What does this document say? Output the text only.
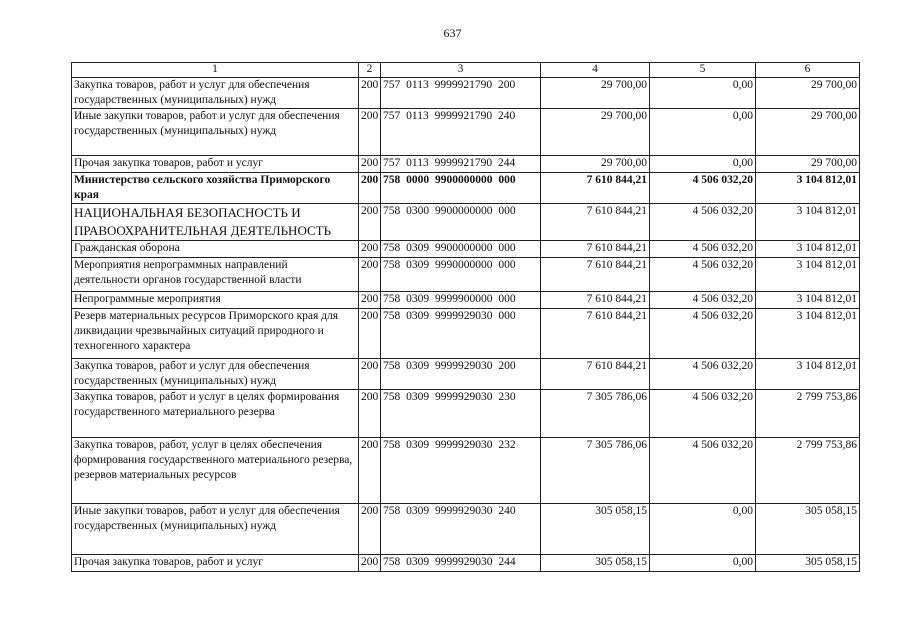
637
1	2	3	4	5	6
Закупка товаров, работ и услуг для обеспечения государственных (муниципальных) нужд	200	757 0113 9999921790 200	29 700,00	0,00	29 700,00
Иные закупки товаров, работ и услуг для обеспечения государственных (муниципальных) нужд	200	757 0113 9999921790 240	29 700,00	0,00	29 700,00
Прочая закупка товаров, работ и услуг	200	757 0113 9999921790 244	29 700,00	0,00	29 700,00
Министерство сельского хозяйства Приморского края	200	758 0000 9900000000 000	7 610 844,21	4 506 032,20	3 104 812,01
НАЦИОНАЛЬНАЯ БЕЗОПАСНОСТЬ И ПРАВООХРАНИТЕЛЬНАЯ ДЕЯТЕЛЬНОСТЬ	200	758 0300 9900000000 000	7 610 844,21	4 506 032,20	3 104 812,01
Гражданская оборона	200	758 0309 9900000000 000	7 610 844,21	4 506 032,20	3 104 812,01
Мероприятия непрограммных направлений деятельности органов государственной власти	200	758 0309 9990000000 000	7 610 844,21	4 506 032,20	3 104 812,01
Непрограммные мероприятия	200	758 0309 9999900000 000	7 610 844,21	4 506 032,20	3 104 812,01
Резерв материальных ресурсов Приморского края для ликвидации чрезвычайных ситуаций природного и техногенного характера	200	758 0309 9999929030 000	7 610 844,21	4 506 032,20	3 104 812,01
Закупка товаров, работ и услуг для обеспечения государственных (муниципальных) нужд	200	758 0309 9999929030 200	7 610 844,21	4 506 032,20	3 104 812,01
Закупка товаров, работ и услуг в целях формирования государственного материального резерва	200	758 0309 9999929030 230	7 305 786,06	4 506 032,20	2 799 753,86
Закупка товаров, работ, услуг в целях обеспечения формирования государственного материального резерва, резервов материальных ресурсов	200	758 0309 9999929030 232	7 305 786,06	4 506 032,20	2 799 753,86
Иные закупки товаров, работ и услуг для обеспечения государственных (муниципальных) нужд	200	758 0309 9999929030 240	305 058,15	0,00	305 058,15
Прочая закупка товаров, работ и услуг	200	758 0309 9999929030 244	305 058,15	0,00	305 058,15
